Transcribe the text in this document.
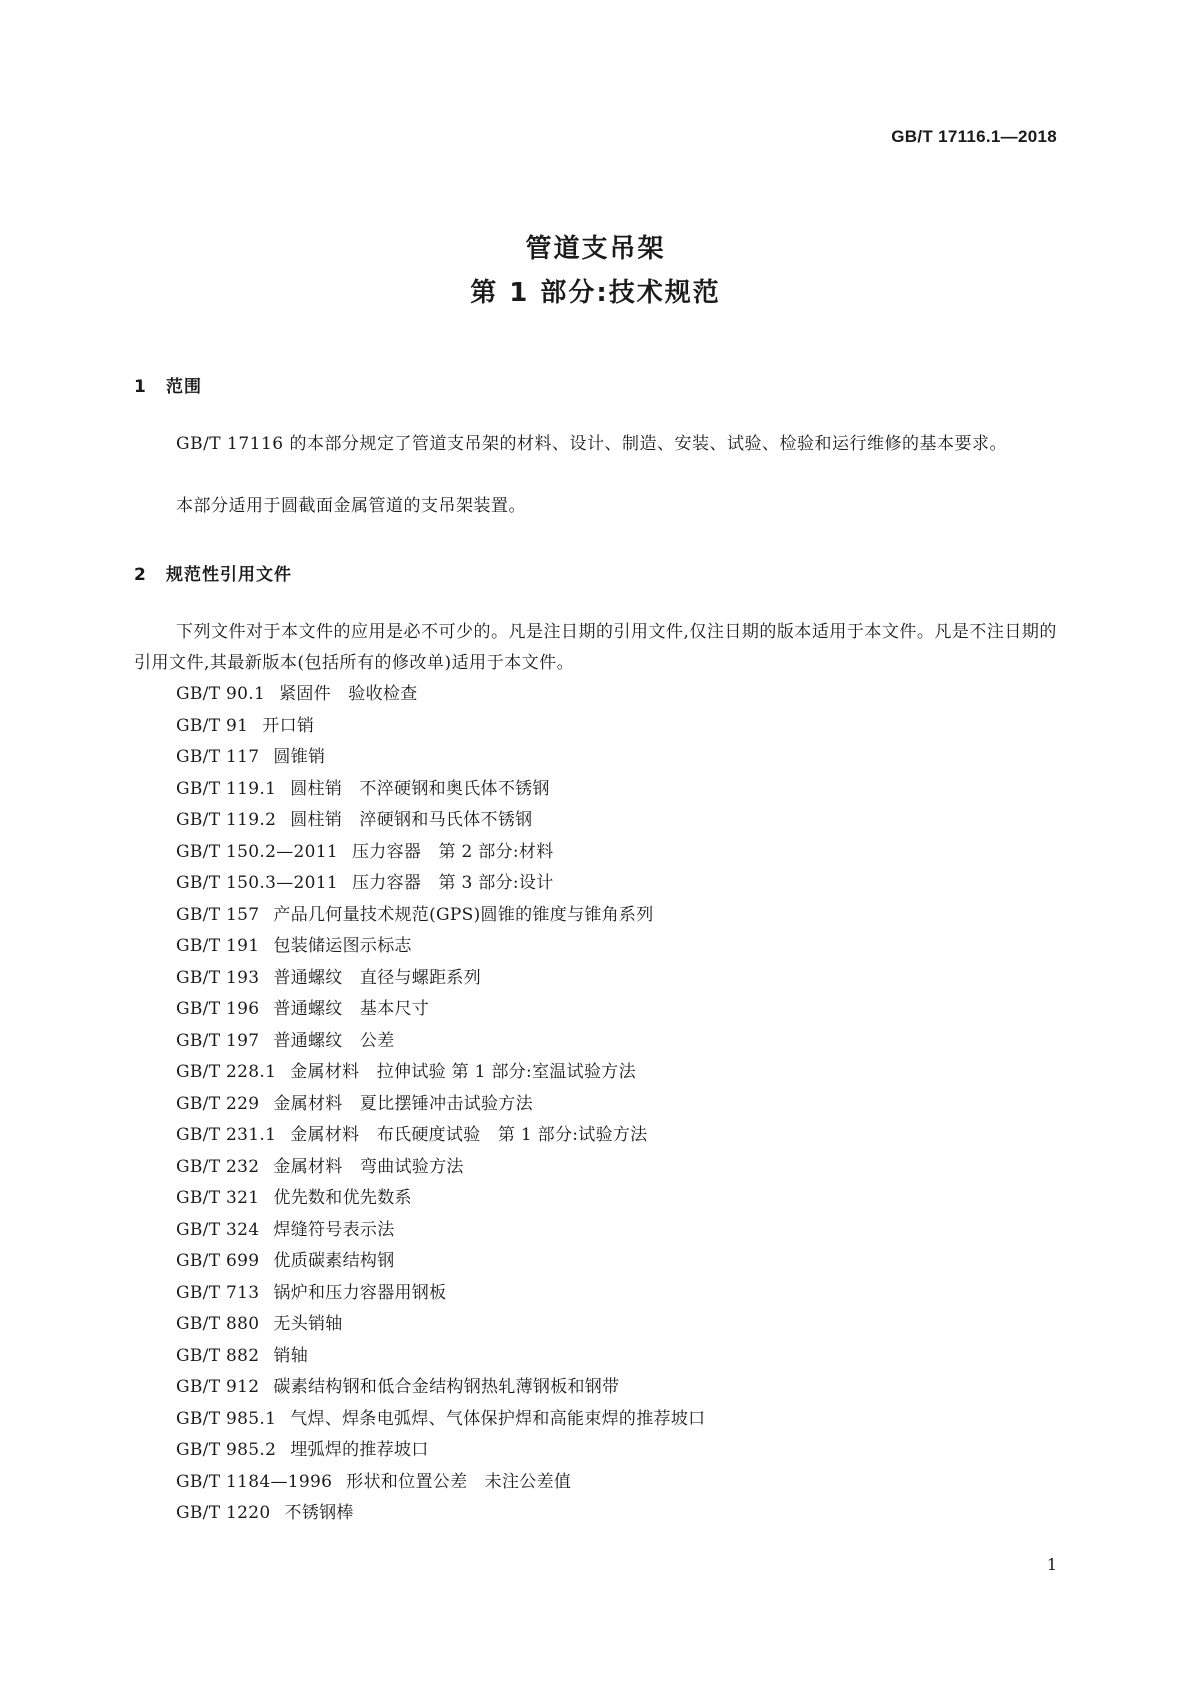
GB/T 17116.1—2018
管道支吊架
第 1 部分:技术规范
1 范围

GB/T 17116 的本部分规定了管道支吊架的材料、设计、制造、安装、试验、检验和运行维修的基本要求。

本部分适用于圆截面金属管道的支吊架装置。

2 规范性引用文件

下列文件对于本文件的应用是必不可少的。凡是注日期的引用文件,仅注日期的版本适用于本文件。凡是不注日期的引用文件,其最新版本(包括所有的修改单)适用于本文件。

GB/T 90.1 紧固件　验收检查
GB/T 91 开口销
GB/T 117 圆锥销
GB/T 119.1 圆柱销　不淬硬钢和奥氏体不锈钢
GB/T 119.2 圆柱销　淬硬钢和马氏体不锈钢
GB/T 150.2—2011 压力容器　第 2 部分:材料
GB/T 150.3—2011 压力容器　第 3 部分:设计
GB/T 157 产品几何量技术规范(GPS)圆锥的锥度与锥角系列
GB/T 191 包装储运图示标志
GB/T 193 普通螺纹　直径与螺距系列
GB/T 196 普通螺纹　基本尺寸
GB/T 197 普通螺纹　公差
GB/T 228.1 金属材料　拉伸试验 第 1 部分:室温试验方法
GB/T 229 金属材料　夏比摆锤冲击试验方法
GB/T 231.1 金属材料　布氏硬度试验　第 1 部分:试验方法
GB/T 232 金属材料　弯曲试验方法
GB/T 321 优先数和优先数系
GB/T 324 焊缝符号表示法
GB/T 699 优质碳素结构钢
GB/T 713 锅炉和压力容器用钢板
GB/T 880 无头销轴
GB/T 882 销轴
GB/T 912 碳素结构钢和低合金结构钢热轧薄钢板和钢带
GB/T 985.1 气焊、焊条电弧焊、气体保护焊和高能束焊的推荐坡口
GB/T 985.2 埋弧焊的推荐坡口
GB/T 1184—1996 形状和位置公差　未注公差值
GB/T 1220 不锈钢棒
1
